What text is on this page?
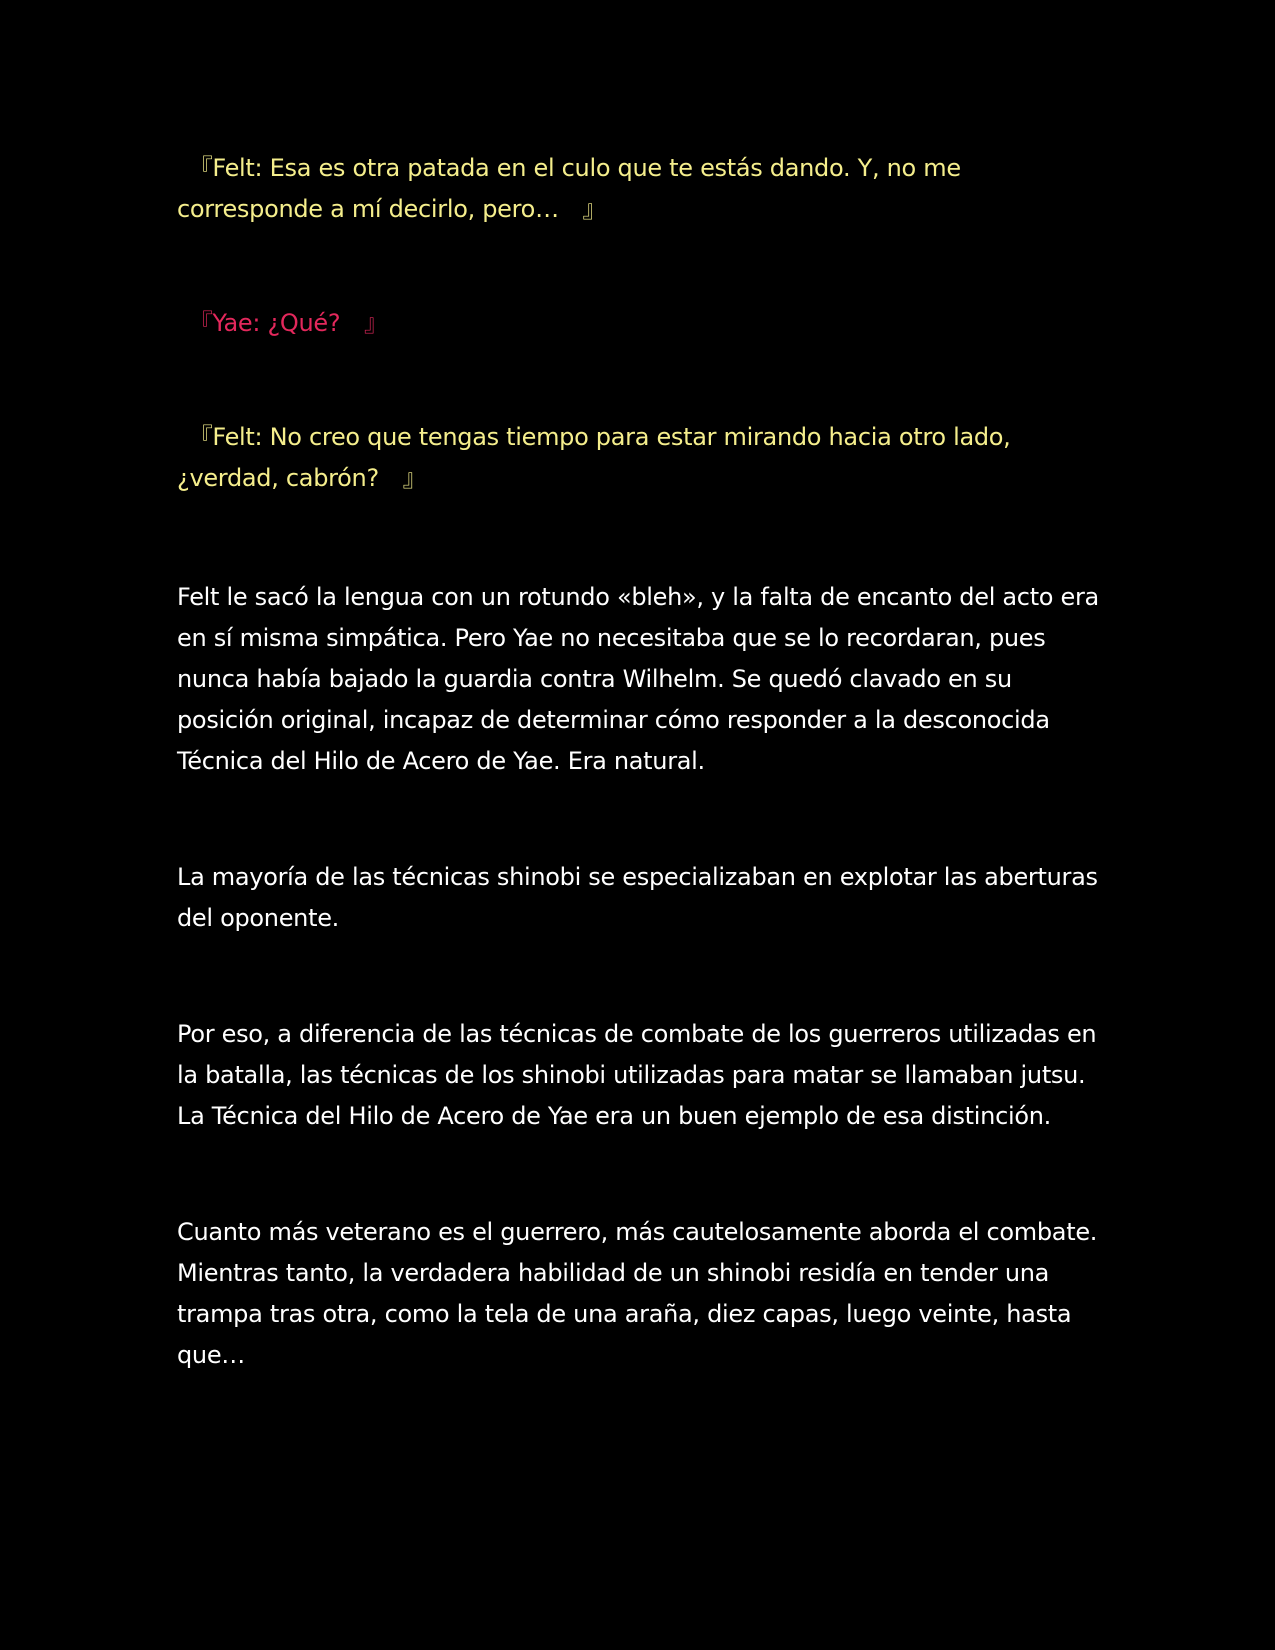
　『Felt: Esa es otra patada en el culo que te estás dando. Y, no me corresponde a mí decirlo, pero…　』

　『Yae: ¿Qué?　』

　『Felt: No creo que tengas tiempo para estar mirando hacia otro lado, ¿verdad, cabrón?　』

Felt le sacó la lengua con un rotundo «bleh», y la falta de encanto del acto era en sí misma simpática. Pero Yae no necesitaba que se lo recordaran, pues nunca había bajado la guardia contra Wilhelm. Se quedó clavado en su posición original, incapaz de determinar cómo responder a la desconocida Técnica del Hilo de Acero de Yae. Era natural.

La mayoría de las técnicas shinobi se especializaban en explotar las aberturas del oponente.

Por eso, a diferencia de las técnicas de combate de los guerreros utilizadas en la batalla, las técnicas de los shinobi utilizadas para matar se llamaban jutsu. La Técnica del Hilo de Acero de Yae era un buen ejemplo de esa distinción.

Cuanto más veterano es el guerrero, más cautelosamente aborda el combate. Mientras tanto, la verdadera habilidad de un shinobi residía en tender una trampa tras otra, como la tela de una araña, diez capas, luego veinte, hasta que…
